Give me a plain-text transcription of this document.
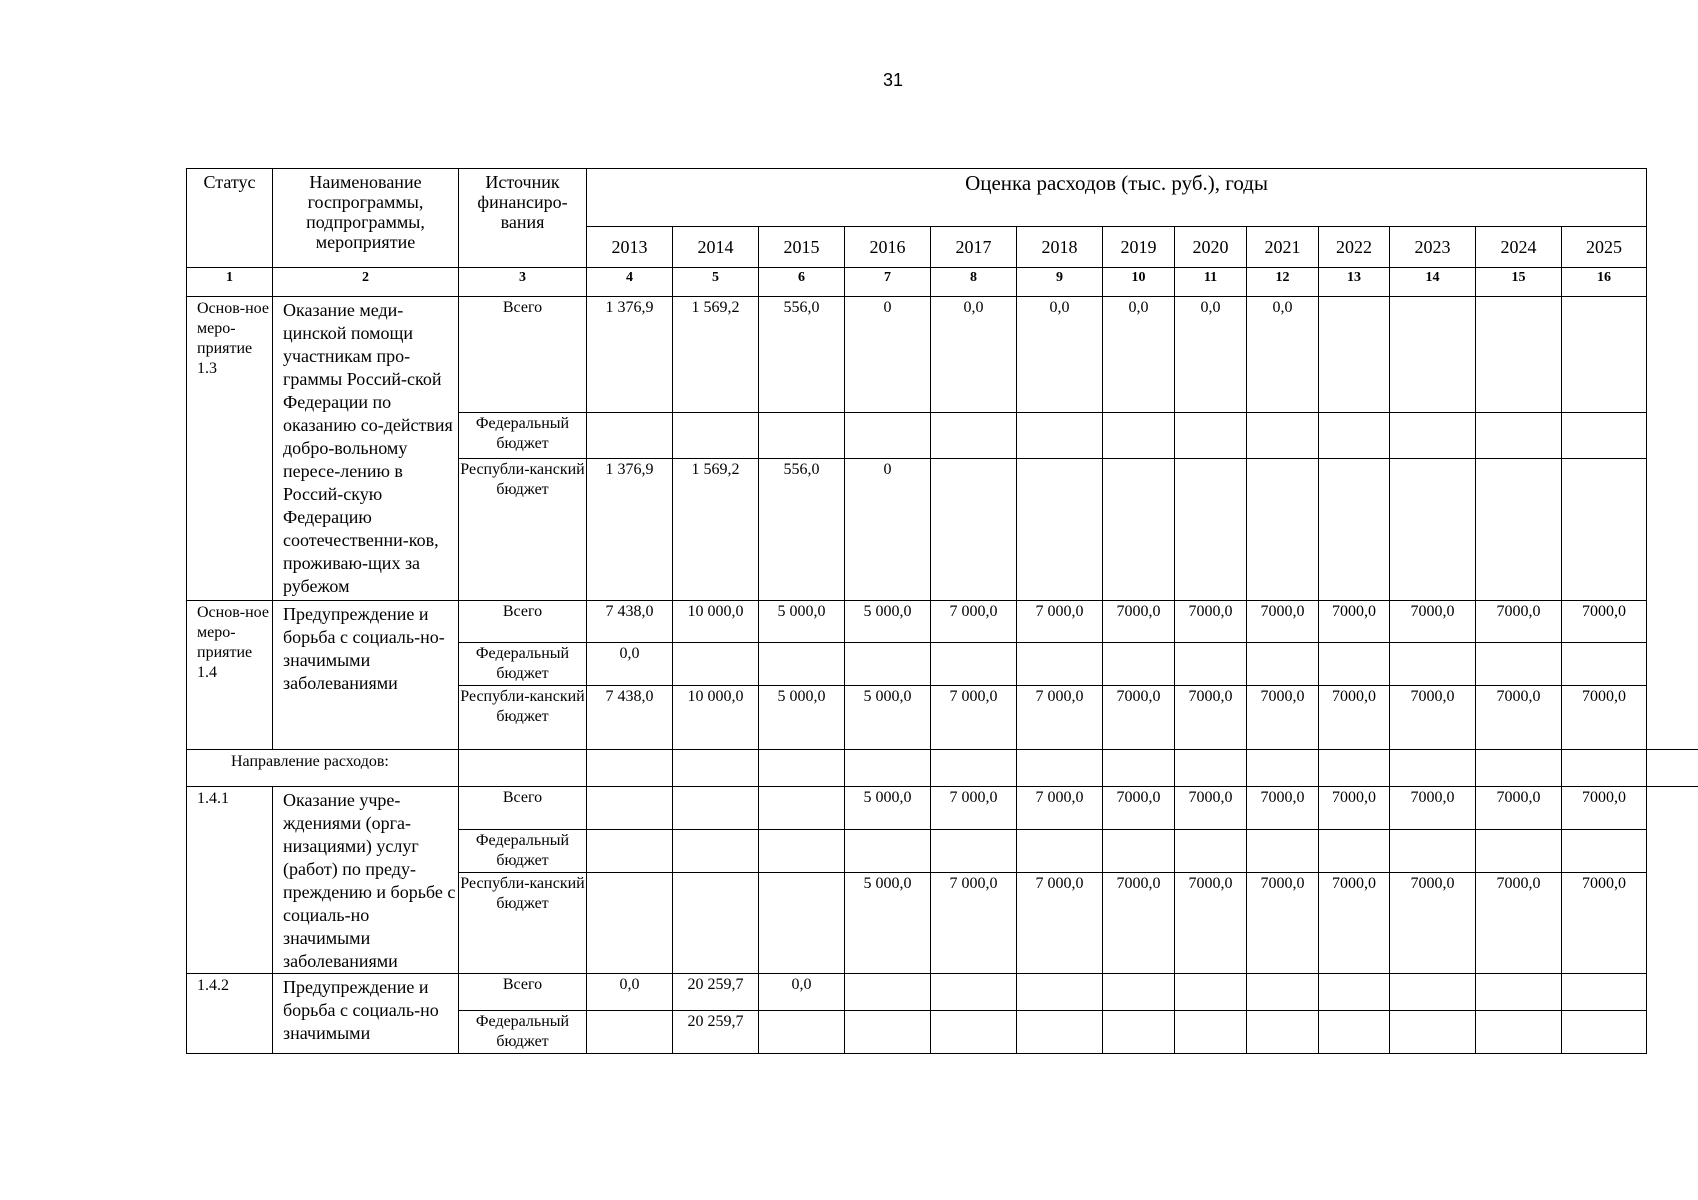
31
Статус	Наименование госпрограммы, подпрограммы, мероприятие	Источник финансиро-вания	Оценка расходов (тыс. руб.), годы												
			2013	2014	2015	2016	2017	2018	2019	2020	2021	2022	2023	2024	2025
1	2	3	4	5	6	7	8	9	10	11	12	13	14	15	16
Основ-ное меро-приятие 1.3	Оказание меди-цинской помощи участникам про-граммы Россий-ской Федерации по оказанию со-действия добро-вольному пересе-лению в Россий-скую Федерацию соотечественни-ков, проживаю-щих за рубежом	Всего	1 376,9	1 569,2	556,0	0	0,0	0,0	0,0	0,0	0,0				
		Федеральный бюджет													
		Республи-канский бюджет	1 376,9	1 569,2	556,0	0									
Основ-ное меро-приятие 1.4	Предупреждение и борьба с социаль-но-значимыми заболеваниями	Всего	7 438,0	10 000,0	5 000,0	5 000,0	7 000,0	7 000,0	7000,0	7000,0	7000,0	7000,0	7000,0	7000,0	7000,0
		Федеральный бюджет	0,0												
		Республи-канский бюджет	7 438,0	10 000,0	5 000,0	5 000,0	7 000,0	7 000,0	7000,0	7000,0	7000,0	7000,0	7000,0	7000,0	7000,0
Направление расходов:															
1.4.1	Оказание учре-ждениями (орга-низациями) услуг (работ) по преду-преждению и борьбе с социаль-но значимыми заболеваниями	Всего				5 000,0	7 000,0	7 000,0	7000,0	7000,0	7000,0	7000,0	7000,0	7000,0	7000,0
		Федеральный бюджет													
		Республи-канский бюджет				5 000,0	7 000,0	7 000,0	7000,0	7000,0	7000,0	7000,0	7000,0	7000,0	7000,0
1.4.2	Предупреждение и борьба с социаль-но значимыми	Всего	0,0	20 259,7	0,0										
		Федеральный бюджет		20 259,7											
